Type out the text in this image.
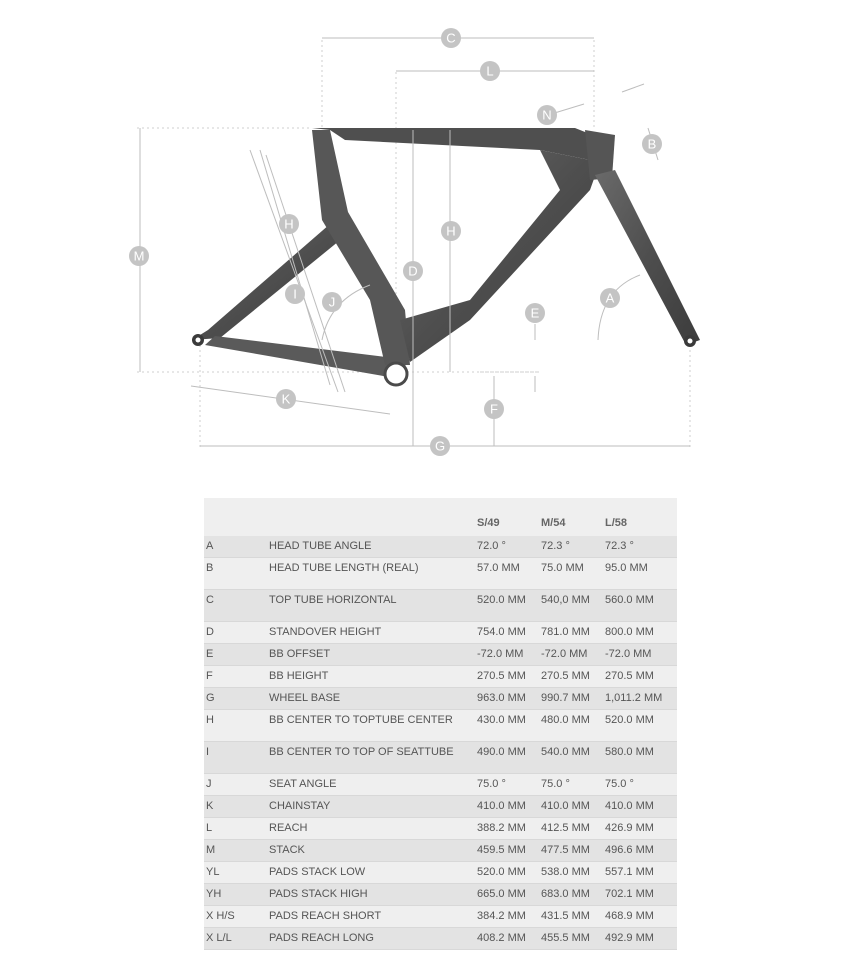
C
L
N
B
M
H	H
D
I
J
E
A
K
F
G
S/49	M/54	L/58
A	HEAD TUBE ANGLE	72.0 °	72.3 °	72.3 °
B	HEAD TUBE LENGTH (REAL)	57.0 MM 75.0 MM 95.0 MM
C	TOP TUBE HORIZONTAL	520.0 MM 540,0 MM 560.0 MM
D	STANDOVER HEIGHT	754.0 MM 781.0 MM 800.0 MM
E	BB OFFSET	-72.0 MM -72.0 MM -72.0 MM
F	BB HEIGHT	270.5 MM 270.5 MM 270.5 MM
G	WHEEL BASE	963.0 MM 990.7 MM 1,011.2 MM
H	BB CENTER TO TOPTUBE CENTER 430.0 MM 480.0 MM 520.0 MM
I	BB CENTER TO TOP OF SEATTUBE 490.0 MM 540.0 MM 580.0 MM
J	SEAT ANGLE	75.0 °	75.0 °	75.0 °
K	CHAINSTAY	410.0 MM 410.0 MM 410.0 MM
L	REACH	388.2 MM 412.5 MM 426.9 MM
M	STACK	459.5 MM 477.5 MM 496.6 MM
YL	PADS STACK LOW	520.0 MM 538.0 MM 557.1 MM
YH	PADS STACK HIGH	665.0 MM 683.0 MM 702.1 MM
X H/S	PADS REACH SHORT	384.2 MM 431.5 MM 468.9 MM
X L/L	PADS REACH LONG	408.2 MM 455.5 MM 492.9 MM
